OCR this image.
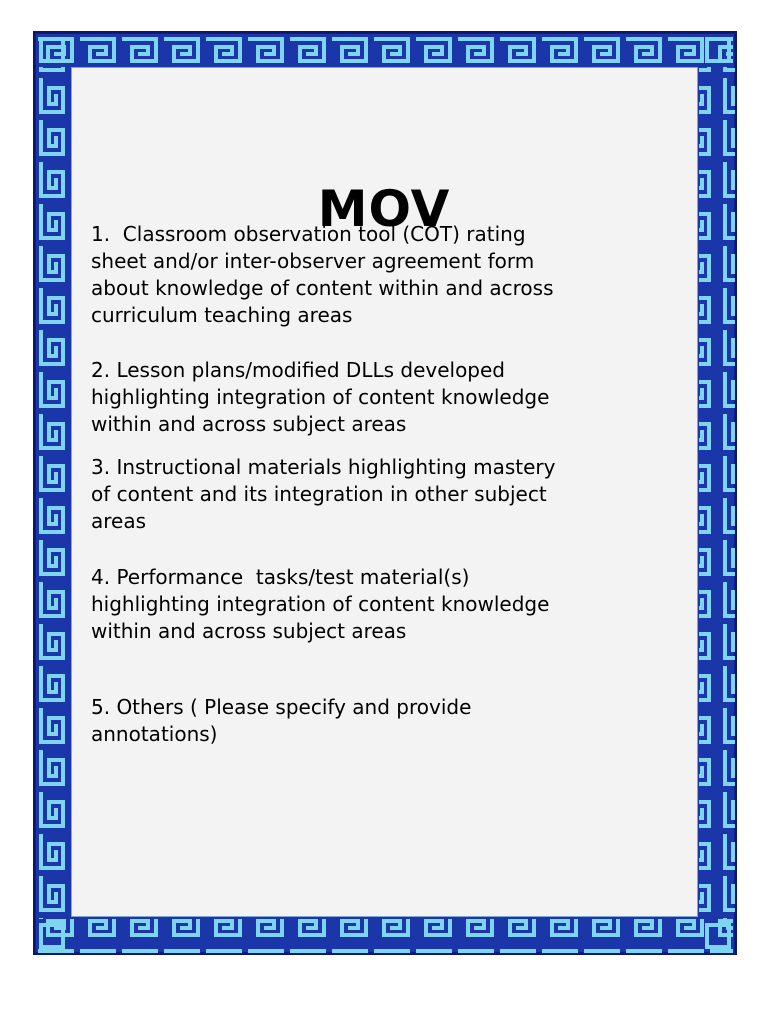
MOV

1.  Classroom observation tool (COT) rating
sheet and/or inter-observer agreement form
about knowledge of content within and across
curriculum teaching areas

2. Lesson plans/modified DLLs developed
highlighting integration of content knowledge
within and across subject areas

3. Instructional materials highlighting mastery
of content and its integration in other subject
areas

4. Performance  tasks/test material(s)
highlighting integration of content knowledge
within and across subject areas

5. Others ( Please specify and provide
annotations)
